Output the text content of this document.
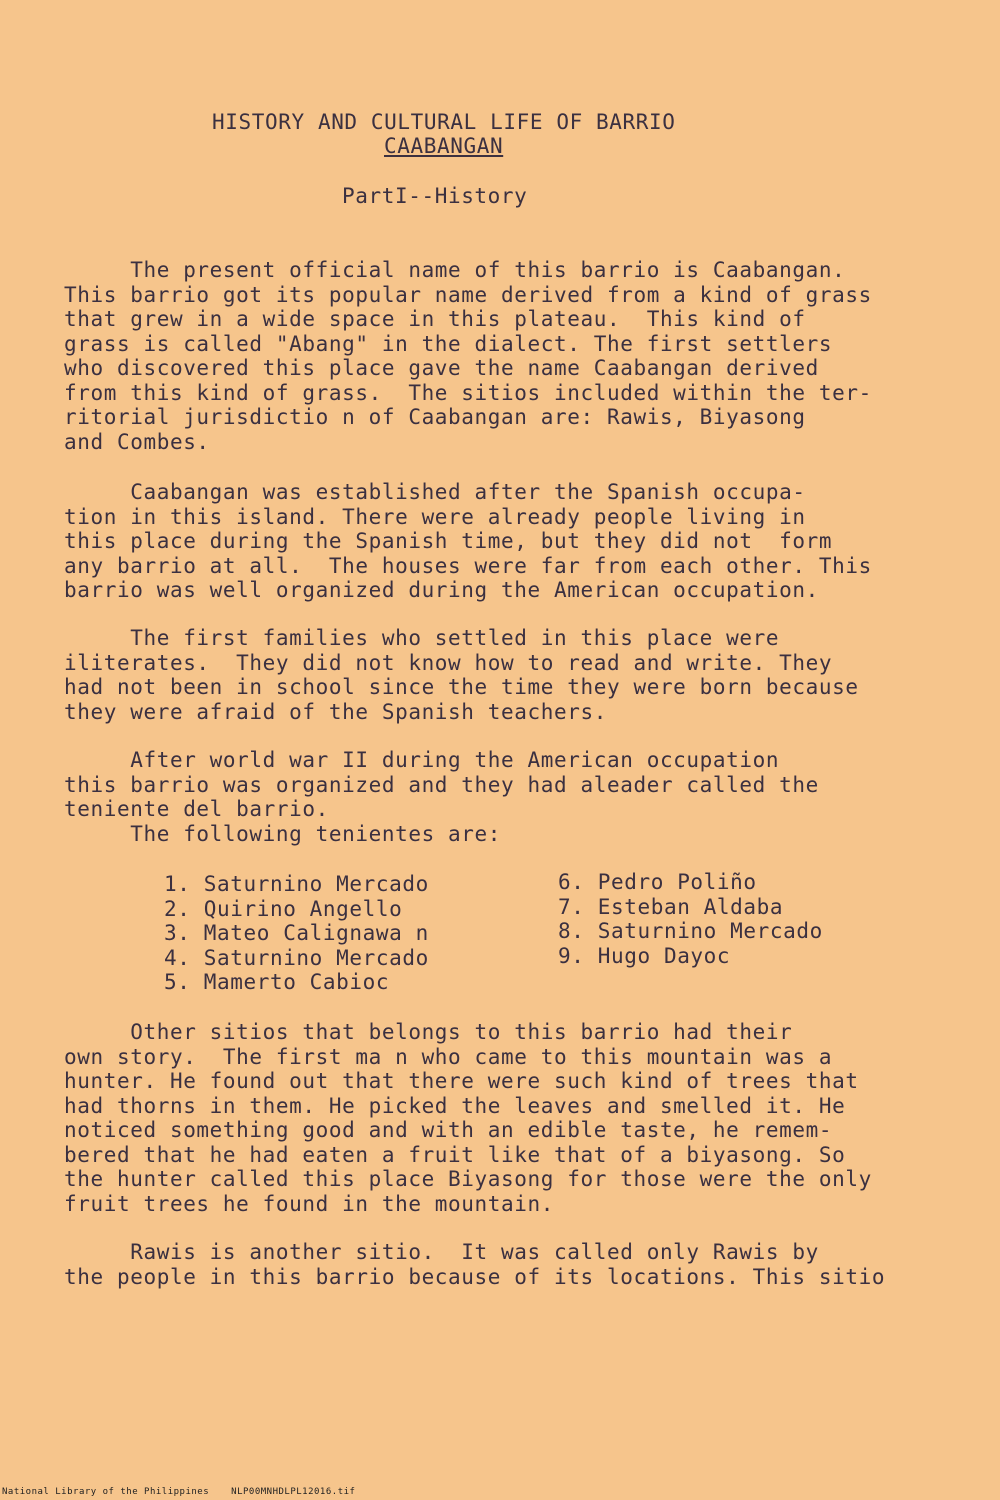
HISTORY AND CULTURAL LIFE OF BARRIO
CAABANGAN
PartI--History
The present official name of this barrio is Caabangan.
This barrio got its popular name derived from a kind of grass
that grew in a wide space in this plateau.  This kind of
grass is called "Abang" in the dialect. The first settlers
who discovered this place gave the name Caabangan derived
from this kind of grass.  The sitios included within the ter-
ritorial jurisdictio n of Caabangan are: Rawis, Biyasong
and Combes.
Caabangan was established after the Spanish occupa-
tion in this island. There were already people living in
this place during the Spanish time, but they did not  form
any barrio at all.  The houses were far from each other. This
barrio was well organized during the American occupation.
The first families who settled in this place were
iliterates.  They did not know how to read and write. They
had not been in school since the time they were born because
they were afraid of the Spanish teachers.
After world war II during the American occupation
this barrio was organized and they had aleader called the
teniente del barrio.
The following tenientes are:
1. Saturnino Mercado
2. Quirino Angello
3. Mateo Calignawa n
4. Saturnino Mercado
5. Mamerto Cabioc
6. Pedro Poliño
7. Esteban Aldaba
8. Saturnino Mercado
9. Hugo Dayoc
Other sitios that belongs to this barrio had their
own story.  The first ma n who came to this mountain was a
hunter. He found out that there were such kind of trees that
had thorns in them. He picked the leaves and smelled it. He
noticed something good and with an edible taste, he remem-
bered that he had eaten a fruit like that of a biyasong. So
the hunter called this place Biyasong for those were the only
fruit trees he found in the mountain.
Rawis is another sitio.  It was called only Rawis by
the people in this barrio because of its locations. This sitio
National Library of the Philippines NLP00MNHDLPL12016.tif
